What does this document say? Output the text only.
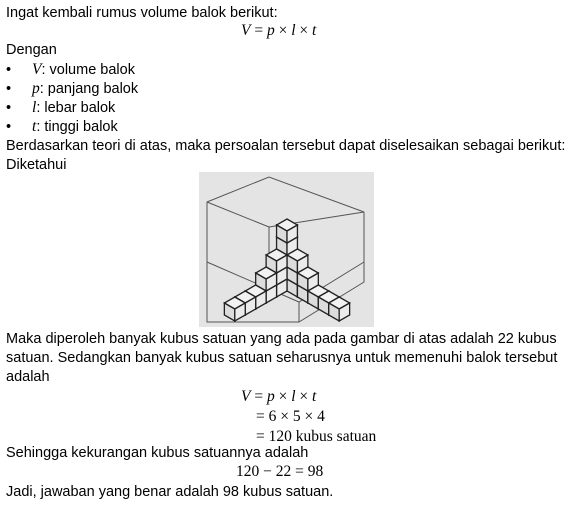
Ingat kembali rumus volume balok berikut:
V = p × l × t
Dengan
• V: volume balok
• p: panjang balok
• l: lebar balok
• t: tinggi balok
Berdasarkan teori di atas, maka persoalan tersebut dapat diselesaikan sebagai berikut:
Diketahui
Maka diperoleh banyak kubus satuan yang ada pada gambar di atas adalah 22 kubus
satuan. Sedangkan banyak kubus satuan seharusnya untuk memenuhi balok tersebut
adalah
V = p × l × t
= 6 × 5 × 4
= 120 kubus satuan
Sehingga kekurangan kubus satuannya adalah
120 − 22 = 98
Jadi, jawaban yang benar adalah 98 kubus satuan.
